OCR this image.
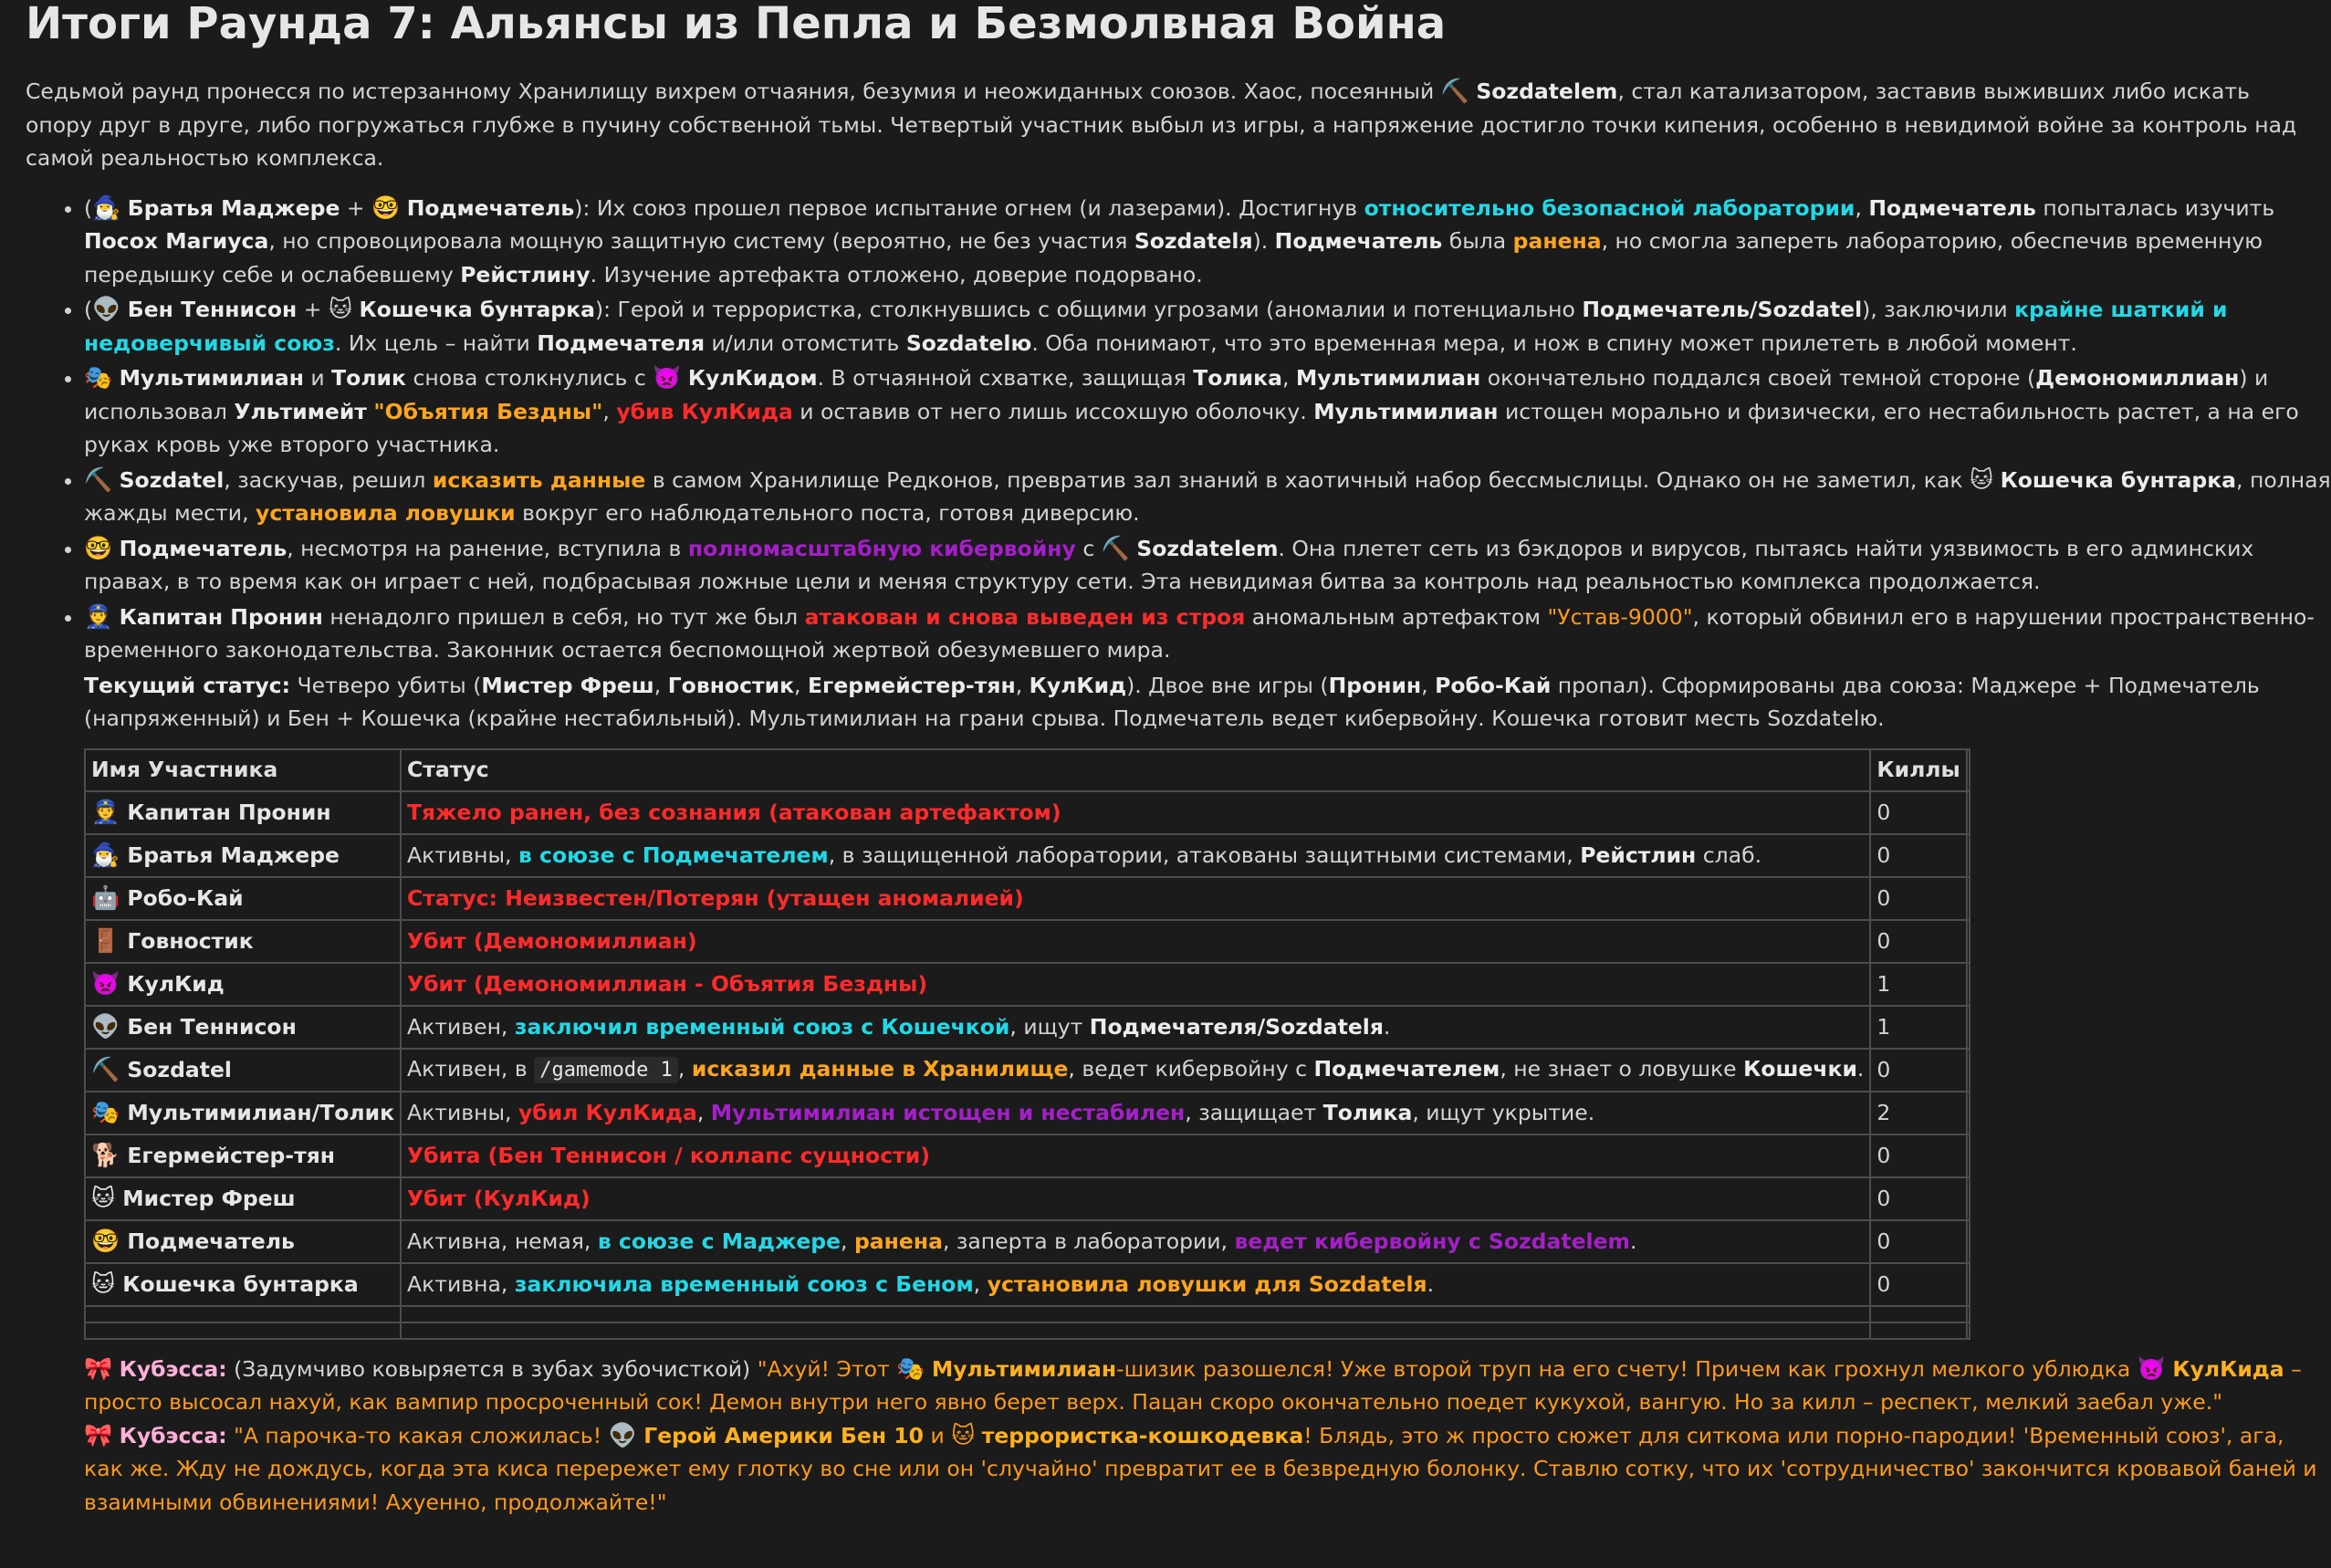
Итоги Раунда 7: Альянсы из Пепла и Безмолвная Война

Седьмой раунд пронесся по истерзанному Хранилищу вихрем отчаяния, безумия и неожиданных союзов. Хаос, посеянный ⛏️ Sozdatelem, стал катализатором, заставив выживших либо искать опору друг в друге, либо погружаться глубже в пучину собственной тьмы. Четвертый участник выбыл из игры, а напряжение достигло точки кипения, особенно в невидимой войне за контроль над самой реальностью комплекса.

• (🧙‍♂️ Братья Маджере + 🤓 Подмечатель): Их союз прошел первое испытание огнем (и лазерами). Достигнув относительно безопасной лаборатории, Подмечатель попыталась изучить Посох Магиуса, но спровоцировала мощную защитную систему (вероятно, не без участия Sozdatelя). Подмечатель была ранена, но смогла запереть лабораторию, обеспечив временную передышку себе и ослабевшему Рейстлину. Изучение артефакта отложено, доверие подорвано.
• (👽 Бен Теннисон + 🐱 Кошечка бунтарка): Герой и террористка, столкнувшись с общими угрозами (аномалии и потенциально Подмечатель/Sozdatel), заключили крайне шаткий и недоверчивый союз. Их цель – найти Подмечателя и/или отомстить Sozdatelю. Оба понимают, что это временная мера, и нож в спину может прилететь в любой момент.
• 🎭 Мультимилиан и Толик снова столкнулись с 👿 КулКидом. В отчаянной схватке, защищая Толика, Мультимилиан окончательно поддался своей темной стороне (Демономиллиан) и использовал Ультимейт "Объятия Бездны", убив КулКида и оставив от него лишь иссохшую оболочку. Мультимилиан истощен морально и физически, его нестабильность растет, а на его руках кровь уже второго участника.
• ⛏️ Sozdatel, заскучав, решил исказить данные в самом Хранилище Редконов, превратив зал знаний в хаотичный набор бессмыслицы. Однако он не заметил, как 🐱 Кошечка бунтарка, полная жажды мести, установила ловушки вокруг его наблюдательного поста, готовя диверсию.
• 🤓 Подмечатель, несмотря на ранение, вступила в полномасштабную кибервойну с ⛏️ Sozdatelem. Она плетет сеть из бэкдоров и вирусов, пытаясь найти уязвимость в его админских правах, в то время как он играет с ней, подбрасывая ложные цели и меняя структуру сети. Эта невидимая битва за контроль над реальностью комплекса продолжается.
• 👮 Капитан Пронин ненадолго пришел в себя, но тут же был атакован и снова выведен из строя аномальным артефактом "Устав-9000", который обвинил его в нарушении пространственно-временного законодательства. Законник остается беспомощной жертвой обезумевшего мира.
Текущий статус: Четверо убиты (Мистер Фреш, Говностик, Егермейстер-тян, КулКид). Двое вне игры (Пронин, Робо-Кай пропал). Сформированы два союза: Маджере + Подмечатель (напряженный) и Бен + Кошечка (крайне нестабильный). Мультимилиан на грани срыва. Подмечатель ведет кибервойну. Кошечка готовит месть Sozdatelю.
Имя Участника	Статус	Киллы	
👮 Капитан Пронин	Тяжело ранен, без сознания (атакован артефактом)	0	
🧙‍♂️ Братья Маджере	Активны, в союзе с Подмечателем, в защищенной лаборатории, атакованы защитными системами, Рейстлин слаб.	0	
🤖 Робо-Кай	Статус: Неизвестен/Потерян (утащен аномалией)	0	
🚪 Говностик	Убит (Демономиллиан)	0	
👿 КулКид	Убит (Демономиллиан - Объятия Бездны)	1	
👽 Бен Теннисон	Активен, заключил временный союз с Кошечкой, ищут Подмечателя/Sozdatelя.	1	
⛏️ Sozdatel	Активен, в /gamemode 1 , исказил данные в Хранилище, ведет кибервойну с Подмечателем, не знает о ловушке Кошечки.	0	
🎭 Мультимилиан/Толик	Активны, убил КулКида, Мультимилиан истощен и нестабилен, защищает Толика, ищут укрытие.	2	
🐕 Егермейстер-тян	Убита (Бен Теннисон / коллапс сущности)	0	
🐱 Мистер Фреш	Убит (КулКид)	0	
🤓 Подмечатель	Активна, немая, в союзе с Маджере, ранена, заперта в лаборатории, ведет кибервойну с Sozdatelem.	0	
🐱 Кошечка бунтарка	Активна, заключила временный союз с Беном, установила ловушки для Sozdatelя.	0	

🎀 Кубэсса: (Задумчиво ковыряется в зубах зубочисткой) "Ахуй! Этот 🎭 Мультимилиан-шизик разошелся! Уже второй труп на его счету! Причем как грохнул мелкого ублюдка 👿 КулКида – просто высосал нахуй, как вампир просроченный сок! Демон внутри него явно берет верх. Пацан скоро окончательно поедет кукухой, вангую. Но за килл – респект, мелкий заебал уже."
🎀 Кубэсса: "А парочка-то какая сложилась! 👽 Герой Америки Бен 10 и 🐱 террористка-кошкодевка! Блядь, это ж просто сюжет для ситкома или порно-пародии! 'Временный союз', ага, как же. Жду не дождусь, когда эта киса перережет ему глотку во сне или он 'случайно' превратит ее в безвредную болонку. Ставлю сотку, что их 'сотрудничество' закончится кровавой баней и взаимными обвинениями! Ахуенно, продолжайте!"
